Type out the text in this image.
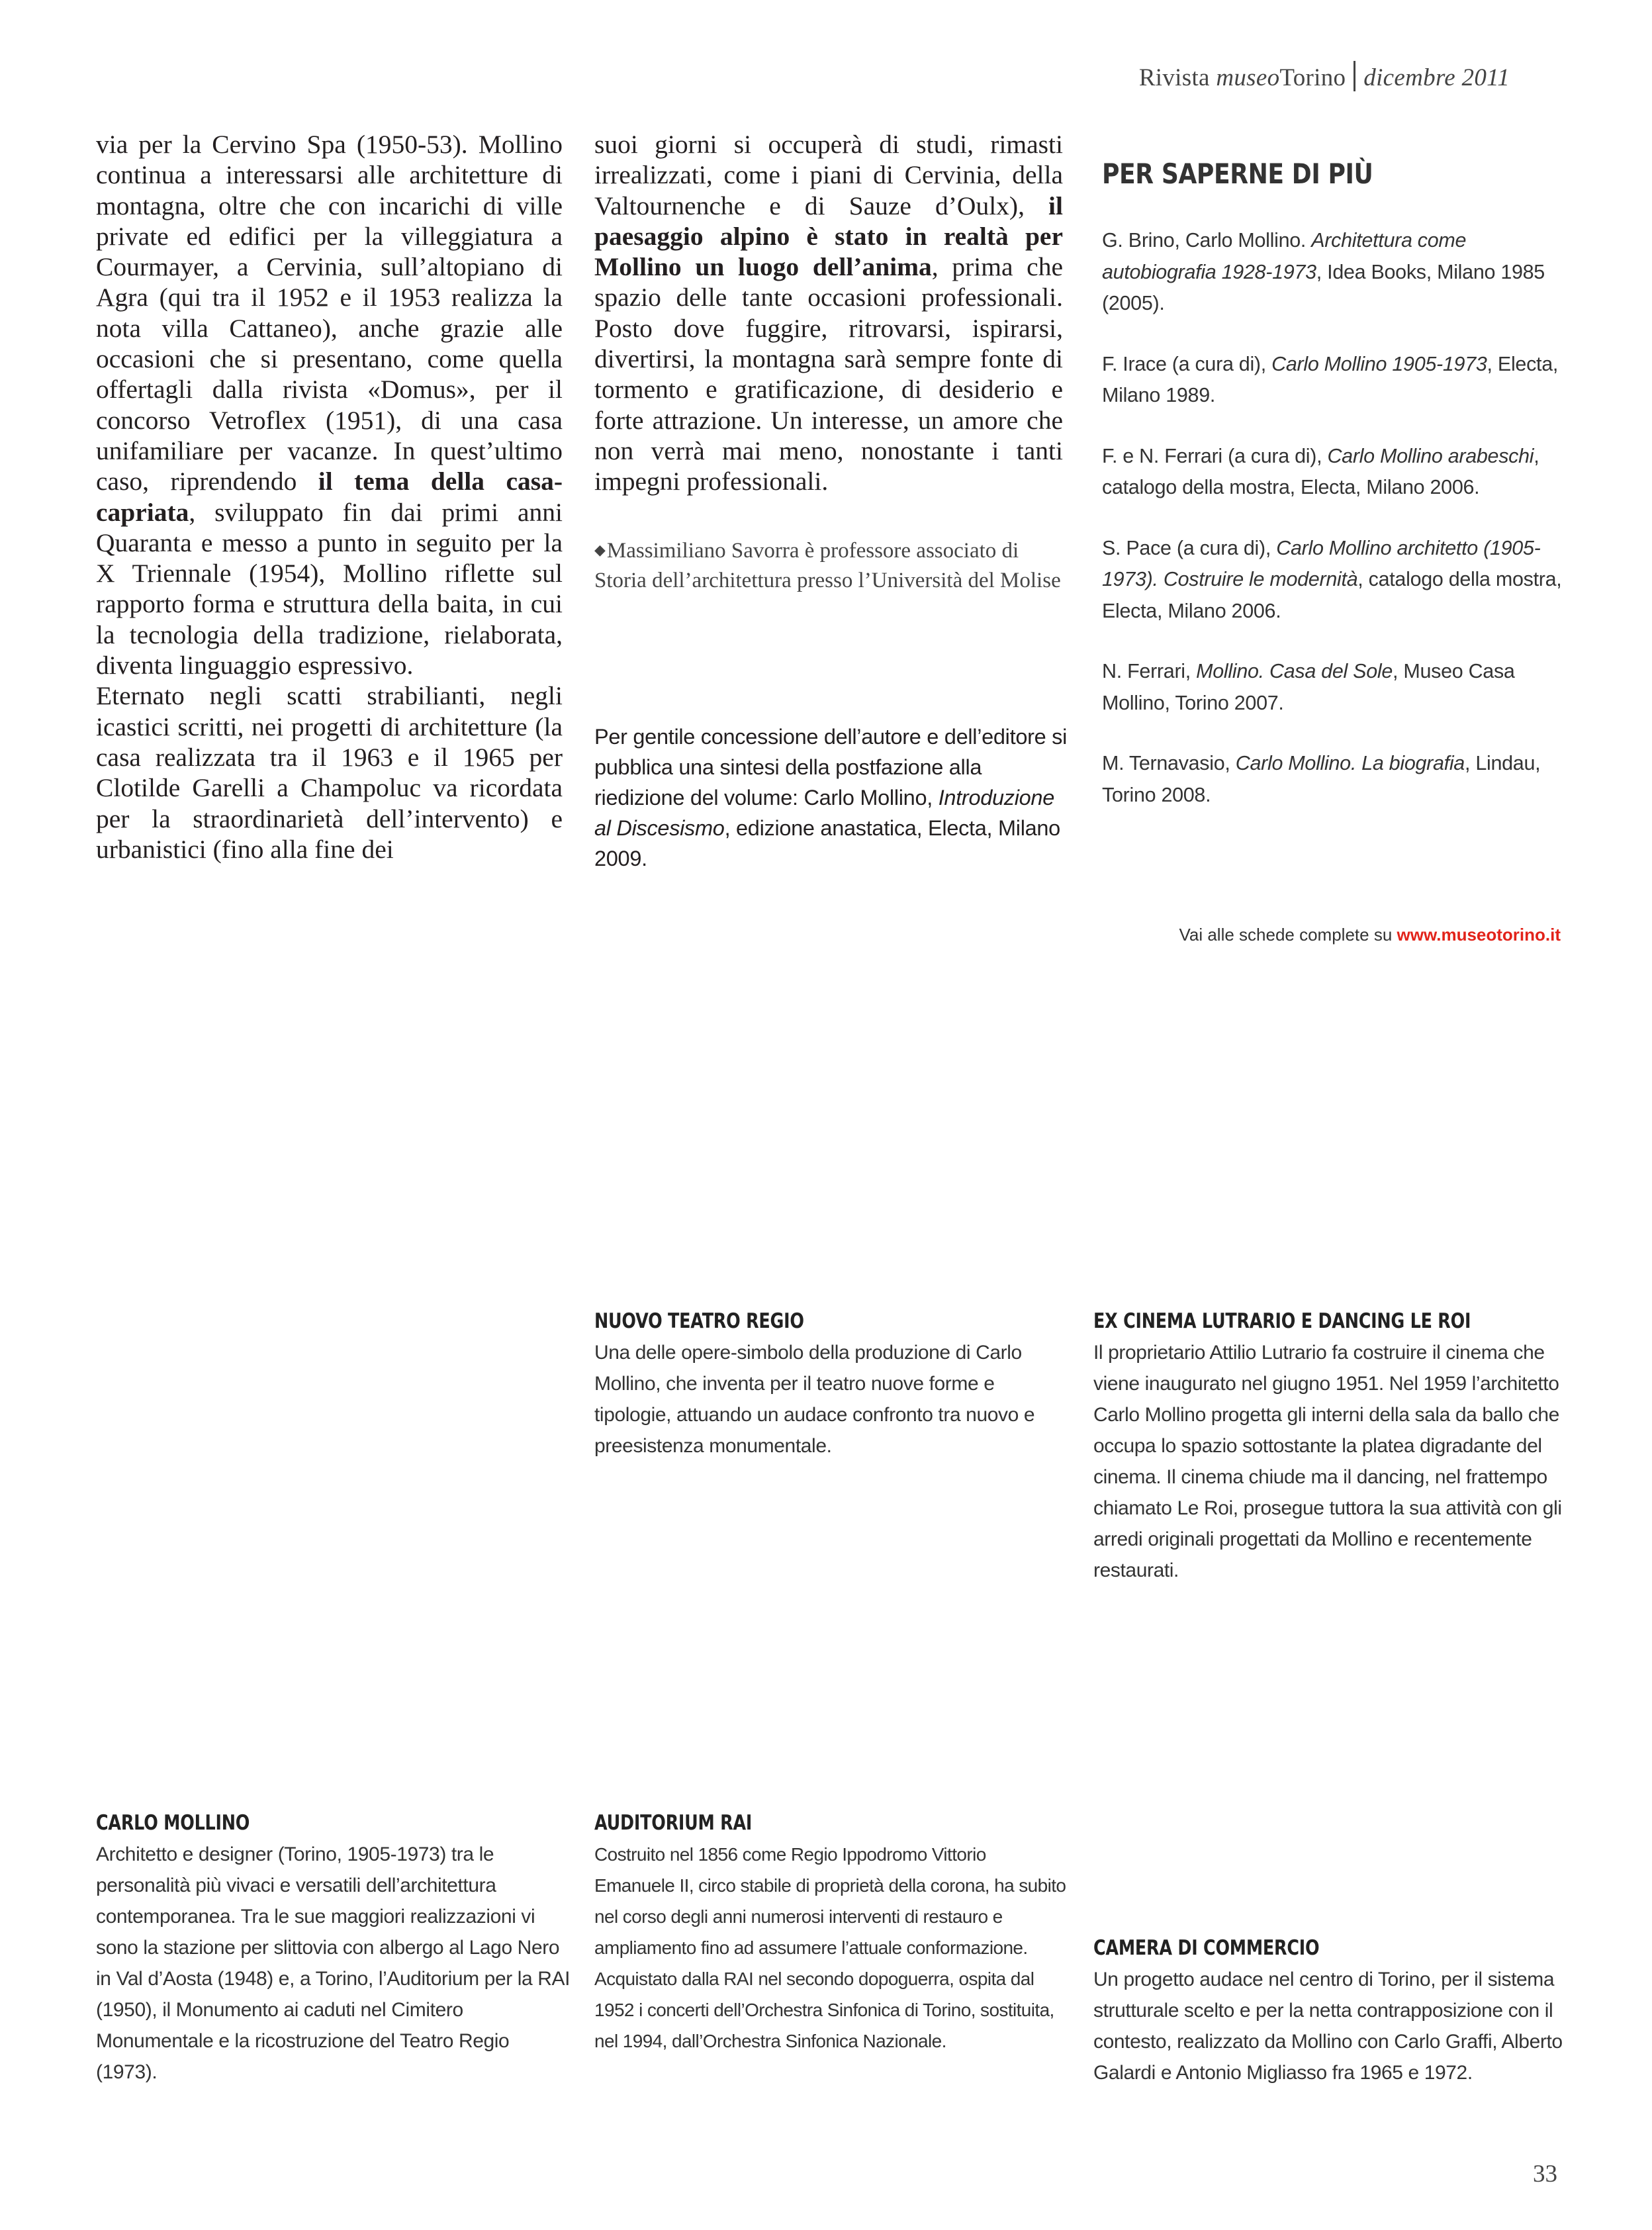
Rivista museoTorino dicembre 2011

via per la Cervino Spa (1950-53). Mollino continua a interessarsi alle architetture di montagna, oltre che con incarichi di ville private ed edifici per la villeggiatura a Courmayer, a Cervinia, sull’altopiano di Agra (qui tra il 1952 e il 1953 realizza la nota villa Cattaneo), anche grazie alle occasioni che si presentano, come quella offertagli dalla rivista «Domus», per il concorso Vetroflex (1951), di una casa unifamiliare per vacanze. In quest’ultimo caso, riprendendo il tema della casa-capriata, sviluppato fin dai primi anni Quaranta e messo a punto in seguito per la X Triennale (1954), Mollino riflette sul rapporto forma e struttura della baita, in cui la tecnologia della tradizione, rielaborata, diventa linguaggio espressivo.

Eternato negli scatti strabilianti, negli icastici scritti, nei progetti di architetture (la casa realizzata tra il 1963 e il 1965 per Clotilde Garelli a Champoluc va ricordata per la straordinarietà dell’intervento) e urbanistici (fino alla fine dei

suoi giorni si occuperà di studi, rimasti irrealizzati, come i piani di Cervinia, della Valtournenche e di Sauze d’Oulx), il paesaggio alpino è stato in realtà per Mollino un luogo dell’anima, prima che spazio delle tante occasioni professionali. Posto dove fuggire, ritrovarsi, ispirarsi, divertirsi, la montagna sarà sempre fonte di tormento e gratificazione, di desiderio e forte attrazione. Un interesse, un amore che non verrà mai meno, nonostante i tanti impegni professionali.

◆Massimiliano Savorra è professore associato di Storia dell’architettura presso l’Università del Molise
Per gentile concessione dell’autore e dell’editore si pubblica una sintesi della postfazione alla riedizione del volume: Carlo Mollino, Introduzione al Discesismo, edizione anastatica, Electa, Milano 2009.
PER SAPERNE DI PIÙ
G. Brino, Carlo Mollino. Architettura come autobiografia 1928-1973, Idea Books, Milano 1985 (2005).
F. Irace (a cura di), Carlo Mollino 1905-1973, Electa, Milano 1989.
F. e N. Ferrari (a cura di), Carlo Mollino arabeschi, catalogo della mostra, Electa, Milano 2006.
S. Pace (a cura di), Carlo Mollino architetto (1905-1973). Costruire le modernità, catalogo della mostra, Electa, Milano 2006.
N. Ferrari, Mollino. Casa del Sole, Museo Casa Mollino, Torino 2007.
M. Ternavasio, Carlo Mollino. La biografia, Lindau, Torino 2008.
Vai alle schede complete su www.museotorino.it
NUOVO TEATRO REGIO

Una delle opere-simbolo della produzione di Carlo Mollino, che inventa per il teatro nuove forme e tipologie, attuando un audace confronto tra nuovo e preesistenza monumentale.

EX CINEMA LUTRARIO E DANCING LE ROI

Il proprietario Attilio Lutrario fa costruire il cinema che viene inaugurato nel giugno 1951. Nel 1959 l’architetto Carlo Mollino progetta gli interni della sala da ballo che occupa lo spazio sottostante la platea digradante del cinema. Il cinema chiude ma il dancing, nel frattempo chiamato Le Roi, prosegue tuttora la sua attività con gli arredi originali progettati da Mollino e recentemente restaurati.

CARLO MOLLINO

Architetto e designer (Torino, 1905-1973) tra le personalità più vivaci e versatili dell’architettura contemporanea. Tra le sue maggiori realizzazioni vi sono la stazione per slittovia con albergo al Lago Nero in Val d’Aosta (1948) e, a Torino, l’Auditorium per la RAI (1950), il Monumento ai caduti nel Cimitero Monumentale e la ricostruzione del Teatro Regio (1973).

AUDITORIUM RAI

Costruito nel 1856 come Regio Ippodromo Vittorio Emanuele II, circo stabile di proprietà della corona, ha subito nel corso degli anni numerosi interventi di restauro e ampliamento fino ad assumere l’attuale conformazione. Acquistato dalla RAI nel secondo dopoguerra, ospita dal 1952 i concerti dell’Orchestra Sinfonica di Torino, sostituita, nel 1994, dall’Orchestra Sinfonica Nazionale.

CAMERA DI COMMERCIO

Un progetto audace nel centro di Torino, per il sistema strutturale scelto e per la netta contrapposizione con il contesto, realizzato da Mollino con Carlo Graffi, Alberto Galardi e Antonio Migliasso fra 1965 e 1972.

33
